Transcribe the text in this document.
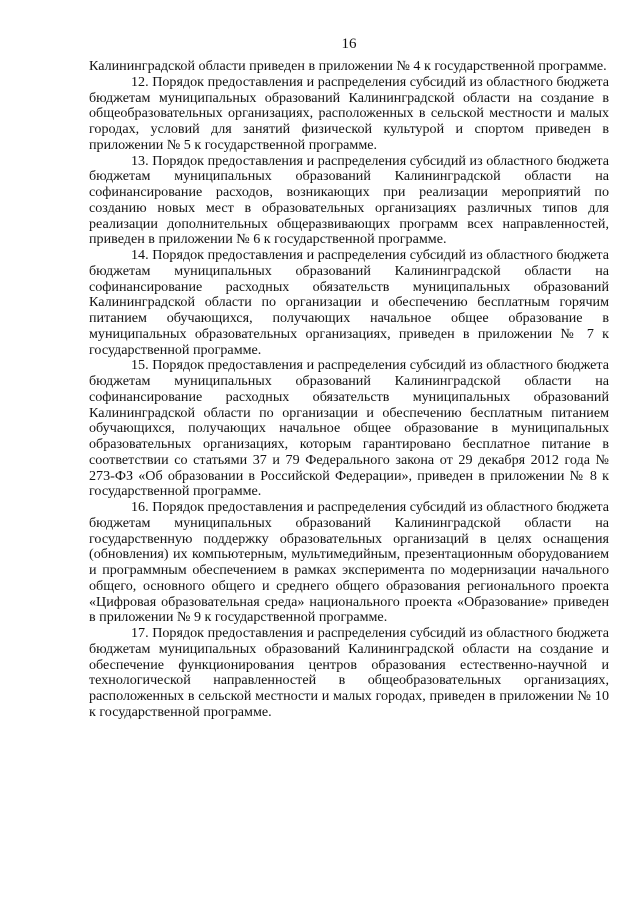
16

Калининградской области приведен в приложении № 4 к государственной программе.

12. Порядок предоставления и распределения субсидий из областного бюджета бюджетам муниципальных образований Калининградской области на создание в общеобразовательных организациях, расположенных в сельской местности и малых городах, условий для занятий физической культурой и спортом приведен в приложении № 5 к государственной программе.

13. Порядок предоставления и распределения субсидий из областного бюджета бюджетам муниципальных образований Калининградской области на софинансирование расходов, возникающих при реализации мероприятий по созданию новых мест в образовательных организациях различных типов для реализации дополнительных общеразвивающих программ всех направленностей, приведен в приложении № 6 к государственной программе.

14. Порядок предоставления и распределения субсидий из областного бюджета бюджетам муниципальных образований Калининградской области на софинансирование расходных обязательств муниципальных образований Калининградской области по организации и обеспечению бесплатным горячим питанием обучающихся, получающих начальное общее образование в муниципальных образовательных организациях, приведен в приложении № 7 к государственной программе.

15. Порядок предоставления и распределения субсидий из областного бюджета бюджетам муниципальных образований Калининградской области на софинансирование расходных обязательств муниципальных образований Калининградской области по организации и обеспечению бесплатным питанием обучающихся, получающих начальное общее образование в муниципальных образовательных организациях, которым гарантировано бесплатное питание в соответствии со статьями 37 и 79 Федерального закона от 29 декабря 2012 года № 273-ФЗ «Об образовании в Российской Федерации», приведен в приложении № 8 к государственной программе.

16. Порядок предоставления и распределения субсидий из областного бюджета бюджетам муниципальных образований Калининградской области на государственную поддержку образовательных организаций в целях оснащения (обновления) их компьютерным, мультимедийным, презентационным оборудованием и программным обеспечением в рамках эксперимента по модернизации начального общего, основного общего и среднего общего образования регионального проекта «Цифровая образовательная среда» национального проекта «Образование» приведен в приложении № 9 к государственной программе.

17. Порядок предоставления и распределения субсидий из областного бюджета бюджетам муниципальных образований Калининградской области на создание и обеспечение функционирования центров образования естественно-научной и технологической направленностей в общеобразовательных организациях, расположенных в сельской местности и малых городах, приведен в приложении № 10 к государственной программе.
